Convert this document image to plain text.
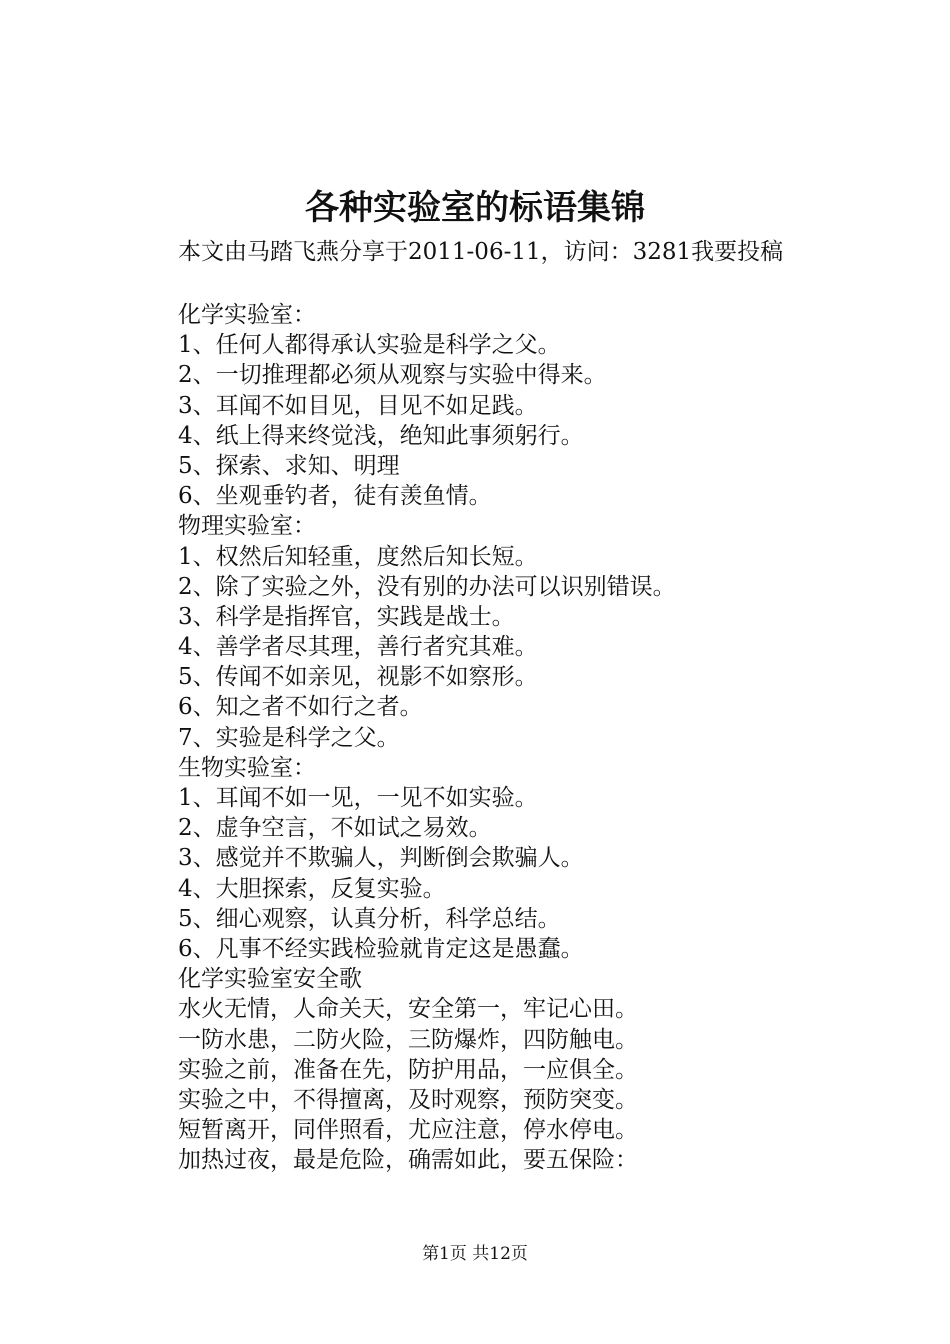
各种实验室的标语集锦
本文由马踏飞燕分享于2011-06-11，访问：3281我要投稿
化学实验室：
1、任何人都得承认实验是科学之父。
2、一切推理都必须从观察与实验中得来。
3、耳闻不如目见，目见不如足践。
4、纸上得来终觉浅，绝知此事须躬行。
5、探索、求知、明理
6、坐观垂钓者，徒有羡鱼情。
物理实验室：
1、权然后知轻重，度然后知长短。
2、除了实验之外，没有别的办法可以识别错误。
3、科学是指挥官，实践是战士。
4、善学者尽其理，善行者究其难。
5、传闻不如亲见，视影不如察形。
6、知之者不如行之者。
7、实验是科学之父。
生物实验室：
1、耳闻不如一见，一见不如实验。
2、虚争空言，不如试之易效。
3、感觉并不欺骗人，判断倒会欺骗人。
4、大胆探索，反复实验。
5、细心观察，认真分析，科学总结。
6、凡事不经实践检验就肯定这是愚蠢。
化学实验室安全歌
水火无情，人命关天，安全第一，牢记心田。
一防水患，二防火险，三防爆炸，四防触电。
实验之前，准备在先，防护用品，一应俱全。
实验之中，不得擅离，及时观察，预防突变。
短暂离开，同伴照看，尤应注意，停水停电。
加热过夜，最是危险，确需如此，要五保险：
第1页 共12页
